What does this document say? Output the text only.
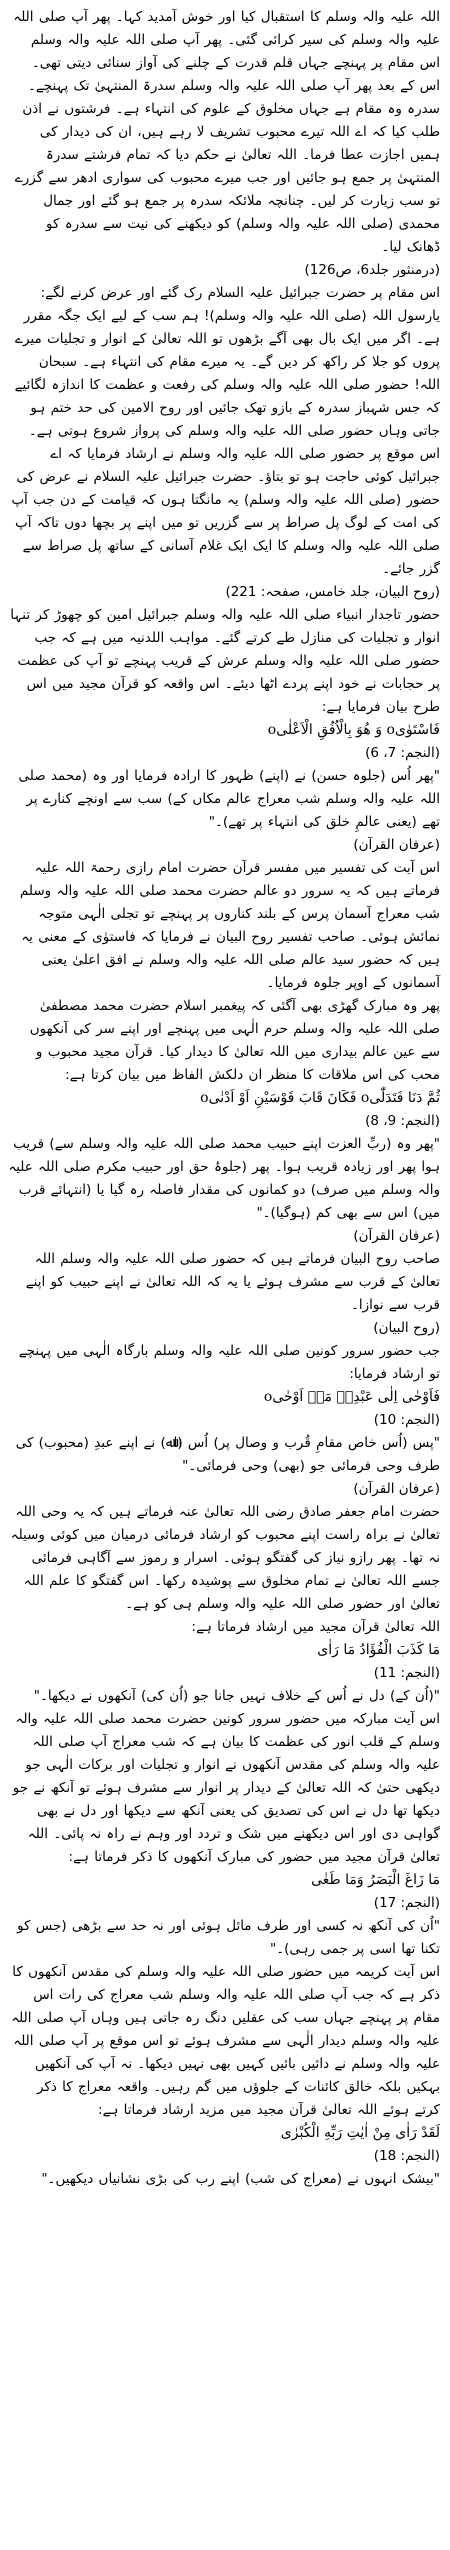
اللہ علیہ والہ وسلم کا استقبال کیا اور خوش آمدید کہا۔ پھر آپ صلی اللہ علیہ والہ وسلم کی سیر کرائی گئی۔ پھر آپ صلی اللہ علیہ والہ وسلم اس مقام پر پہنچے جہاں قلم قدرت کے چلنے کی آواز سنائی دیتی تھی۔ اس کے بعد پھر آپ صلی اللہ علیہ والہ وسلم سدرۃ المنتہیٰ تک پہنچے۔ سدرہ وہ مقام ہے جہاں مخلوق کے علوم کی انتہاء ہے۔ فرشتوں نے اذن طلب کیا کہ اے اللہ تیرے محبوب تشریف لا رہے ہیں، ان کی دیدار کی ہمیں اجازت عطا فرما۔ اللہ تعالیٰ نے حکم دیا کہ تمام فرشتے سدرۃ المنتہیٰ پر جمع ہو جائیں اور جب میرے محبوب کی سواری ادھر سے گزرے تو سب زیارت کر لیں۔ چنانچہ ملائکہ سدرہ پر جمع ہو گئے اور جمال محمدی (صلی اللہ علیہ والہ وسلم) کو دیکھنے کی نیت سے سدرہ کو ڈھانک لیا۔

(درمنثور جلد6، ص126)

اس مقام پر حضرت جبرائیل علیہ السلام رک گئے اور عرض کرنے لگے: یارسول اللہ (صلی اللہ علیہ والہ وسلم)! ہم سب کے لیے ایک جگہ مقرر ہے۔ اگر میں ایک بال بھی آگے بڑھوں تو اللہ تعالیٰ کے انوار و تجلیات میرے پروں کو جلا کر راکھ کر دیں گے۔ یہ میرے مقام کی انتہاء ہے۔ سبحان اللہ! حضور صلی اللہ علیہ والہ وسلم کی رفعت و عظمت کا اندازہ لگائیے کہ جس شہباز سدرہ کے بازو تھک جائیں اور روح الامین کی حد ختم ہو جاتی وہاں حضور صلی اللہ علیہ والہ وسلم کی پرواز شروع ہوتی ہے۔ اس موقع پر حضور صلی اللہ علیہ والہ وسلم نے ارشاد فرمایا کہ اے جبرائیل کوئی حاجت ہو تو بتاؤ۔ حضرت جبرائیل علیہ السلام نے عرض کی حضور (صلی اللہ علیہ والہ وسلم) یہ مانگتا ہوں کہ قیامت کے دن جب آپ کی امت کے لوگ پل صراط پر سے گزریں تو میں اپنے پر بچھا دوں تاکہ آپ صلی اللہ علیہ والہ وسلم کا ایک ایک غلام آسانی کے ساتھ پل صراط سے گزر جائے۔

(روح البیان، جلد خامس، صفحہ: 221)

حضور تاجدار انبیاء صلی اللہ علیہ والہ وسلم جبرائیل امین کو چھوڑ کر تنہا انوار و تجلیات کی منازل طے کرتے گئے۔ مواہب اللدنیہ میں ہے کہ جب حضور صلی اللہ علیہ والہ وسلم عرش کے قریب پہنچے تو آپ کی عظمت پر حجابات نے خود اپنے پردے اٹھا دیئے۔ اس واقعہ کو قرآن مجید میں اس طرح بیان فرمایا ہے:

فَاسْتَوٰىo وَ هُوَ بِالْاُفُقِ الْاَعْلٰىo

(النجم: 7، 6)

"پھر اُس (جلوہ حسن) نے (اپنے) ظہور کا ارادہ فرمایا اور وہ (محمد صلی اللہ علیہ والہ وسلم شب معراج عالم مکاں کے) سب سے اونچے کنارے پر تھے (یعنی عالمِ خلق کی انتہاء پر تھے)۔"

(عرفان القرآن)

اس آیت کی تفسیر میں مفسر قرآن حضرت امام رازی رحمۃ اللہ علیہ فرماتے ہیں کہ یہ سرور دو عالم حضرت محمد صلی اللہ علیہ والہ وسلم شب معراج آسمان پرس کے بلند کناروں پر پہنچے تو تجلی الٰہی متوجہ نمائش ہوئی۔ صاحب تفسیر روح البیان نے فرمایا کہ فاستوٰی کے معنی یہ ہیں کہ حضور سید عالم صلی اللہ علیہ والہ وسلم نے افق اعلیٰ یعنی آسمانوں کے اوپر جلوہ فرمایا۔

پھر وہ مبارک گھڑی بھی آگئی کہ پیغمبر اسلام حضرت محمد مصطفیٰ صلی اللہ علیہ والہ وسلم حرم الٰہی میں پہنچے اور اپنے سر کی آنکھوں سے عین عالم بیداری میں اللہ تعالیٰ کا دیدار کیا۔ قرآن مجید محبوب و محب کی اس ملاقات کا منظر ان دلکش الفاظ میں بیان کرتا ہے:

ثُمَّ دَنَا فَتَدَلّٰیo فَكَانَ قَابَ قَوْسَیْنِ اَوْ اَدْنٰیo

(النجم: 9، 8)

"پھر وہ (ربِّ العزت اپنے حبیب محمد صلی اللہ علیہ والہ وسلم سے) قریب ہوا پھر اور زیادہ قریب ہوا۔ پھر (جلوۂ حق اور حبیب مکرم صلی اللہ علیہ والہ وسلم میں صرف) دو کمانوں کی مقدار فاصلہ رہ گیا یا (انتہائے قرب میں) اس سے بھی کم (ہوگیا)۔"

(عرفان القرآن)

صاحب روح البیان فرماتے ہیں کہ حضور صلی اللہ علیہ والہ وسلم اللہ تعالیٰ کے قرب سے مشرف ہوئے یا یہ کہ اللہ تعالیٰ نے اپنے حبیب کو اپنے قرب سے نوازا۔

(روح البیان)

جب حضور سرور کونین صلی اللہ علیہ والہ وسلم بارگاہ الٰہی میں پہنچے تو ارشاد فرمایا:

فَاَوْحٰی اِلٰی عَبْدِهٖ مَاۤ اَوْحٰیo

(النجم: 10)

"پس (اُس خاص مقامِ قُرب و وصال پر) اُس (اﷲ) نے اپنے عبدِ (محبوب) کی طرف وحی فرمائی جو (بھی) وحی فرمائی۔"

(عرفان القرآن)

حضرت امام جعفر صادق رضی اللہ تعالیٰ عنہ فرماتے ہیں کہ یہ وحی اللہ تعالیٰ نے براہ راست اپنے محبوب کو ارشاد فرمائی درمیان میں کوئی وسیلہ نہ تھا۔ پھر رازو نیاز کی گفتگو ہوئی۔ اسرار و رموز سے آگاہی فرمائی جسے اللہ تعالیٰ نے تمام مخلوق سے پوشیدہ رکھا۔ اس گفتگو کا علم اللہ تعالیٰ اور حضور صلی اللہ علیہ والہ وسلم ہی کو ہے۔

اللہ تعالیٰ قرآن مجید میں ارشاد فرماتا ہے:

مَا كَذَبَ الْفُؤَادُ مَا رَاٰی

(النجم: 11)

"(اُن کے) دل نے اُس کے خلاف نہیں جانا جو (اُن کی) آنکھوں نے دیکھا۔"

اس آیت مبارکہ میں حضور سرور کونین حضرت محمد صلی اللہ علیہ والہ وسلم کے قلب انور کی عظمت کا بیان ہے کہ شب معراج آپ صلی اللہ علیہ والہ وسلم کی مقدس آنکھوں نے انوار و تجلیات اور برکات الٰہی جو دیکھی حتیٰ کہ اللہ تعالیٰ کے دیدار پر انوار سے مشرف ہوئے تو آنکھ نے جو دیکھا تھا دل نے اس کی تصدیق کی یعنی آنکھ سے دیکھا اور دل نے بھی گواہی دی اور اس دیکھنے میں شک و تردد اور وہم نے راہ نہ پائی۔ اللہ تعالیٰ قرآن مجید میں حضور کی مبارک آنکھوں کا ذکر فرماتا ہے:

مَا زَاغَ الْبَصَرُ وَمَا طَغٰی

(النجم: 17)

"اُن کی آنکھ نہ کسی اور طرف مائل ہوئی اور نہ حد سے بڑھی (جس کو تکنا تھا اسی پر جمی رہی)۔"

اس آیت کریمہ میں حضور صلی اللہ علیہ والہ وسلم کی مقدس آنکھوں کا ذکر ہے کہ جب آپ صلی اللہ علیہ والہ وسلم شب معراج کی رات اس مقام پر پہنچے جہاں سب کی عقلیں دنگ رہ جاتی ہیں وہاں آپ صلی اللہ علیہ والہ وسلم دیدار الٰہی سے مشرف ہوئے تو اس موقع پر آپ صلی اللہ علیہ والہ وسلم نے دائیں بائیں کہیں بھی نہیں دیکھا۔ نہ آپ کی آنکھیں بہکیں بلکہ خالق کائنات کے جلوؤں میں گم رہیں۔ واقعہ معراج کا ذکر کرتے ہوئے اللہ تعالیٰ قرآن مجید میں مزید ارشاد فرماتا ہے:

لَقَدْ رَاٰی مِنْ اٰیٰتِ رَبِّهِ الْكُبْرٰی

(النجم: 18)

"بیشک انہوں نے (معراج کی شب) اپنے رب کی بڑی نشانیاں دیکھیں۔"
